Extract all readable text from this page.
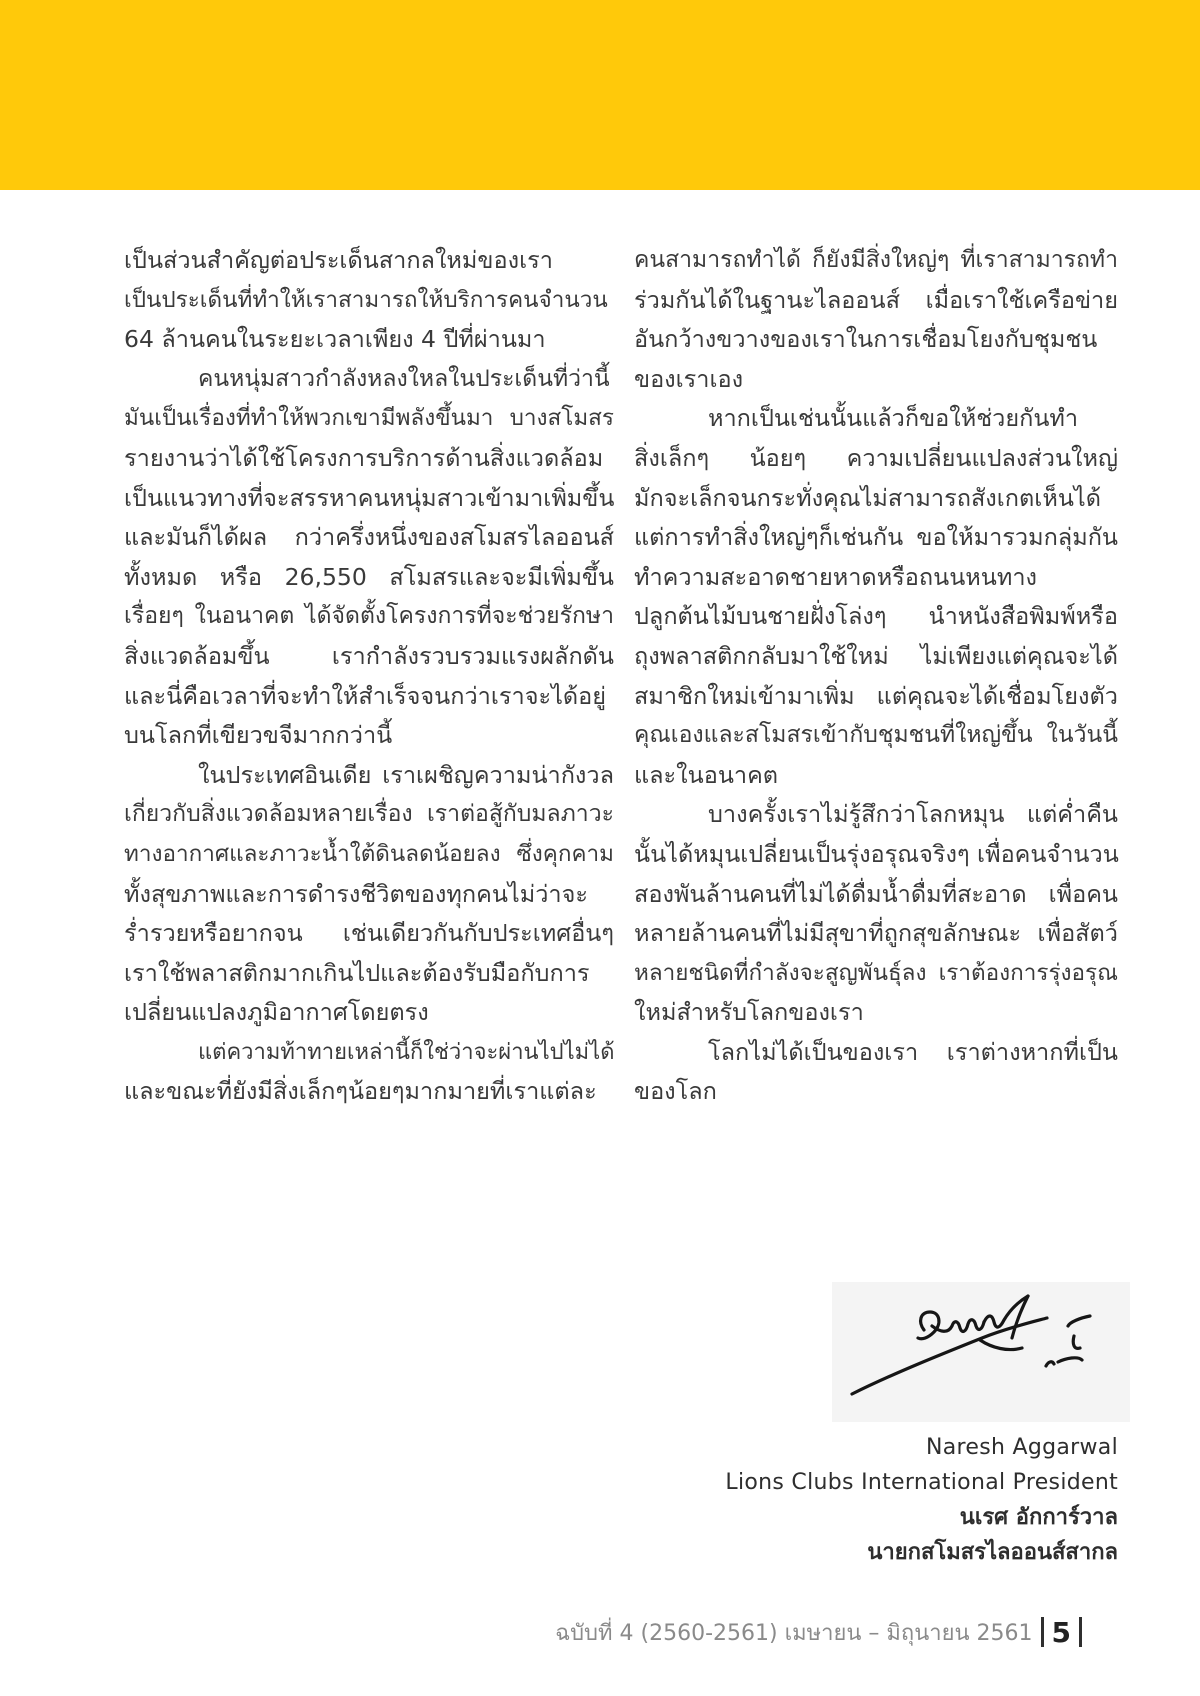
เป็นส่วนสำคัญต่อประเด็นสากลใหม่ของเรา
เป็นประเด็นที่ทำให้เราสามารถให้บริการคนจำนวน
64 ล้านคนในระยะเวลาเพียง 4 ปีที่ผ่านมา
คนหนุ่มสาวกำลังหลงใหลในประเด็นที่ว่านี้
มันเป็นเรื่องที่ทำให้พวกเขามีพลังขึ้นมา บางสโมสร
รายงานว่าได้ใช้โครงการบริการด้านสิ่งแวดล้อม
เป็นแนวทางที่จะสรรหาคนหนุ่มสาวเข้ามาเพิ่มขึ้น
และมันก็ได้ผล กว่าครึ่งหนึ่งของสโมสรไลออนส์
ทั้งหมด หรือ 26,550 สโมสรและจะมีเพิ่มขึ้น
เรื่อยๆ ในอนาคต ได้จัดตั้งโครงการที่จะช่วยรักษา
สิ่งแวดล้อมขึ้น เรากำลังรวบรวมแรงผลักดัน
และนี่คือเวลาที่จะทำให้สำเร็จจนกว่าเราจะได้อยู่
บนโลกที่เขียวขจีมากกว่านี้
ในประเทศอินเดีย เราเผชิญความน่ากังวล
เกี่ยวกับสิ่งแวดล้อมหลายเรื่อง เราต่อสู้กับมลภาวะ
ทางอากาศและภาวะน้ำใต้ดินลดน้อยลง ซึ่งคุกคาม
ทั้งสุขภาพและการดำรงชีวิตของทุกคนไม่ว่าจะ
ร่ำรวยหรือยากจน เช่นเดียวกันกับประเทศอื่นๆ
เราใช้พลาสติกมากเกินไปและต้องรับมือกับการ
เปลี่ยนแปลงภูมิอากาศโดยตรง
แต่ความท้าทายเหล่านี้ก็ใช่ว่าจะผ่านไปไม่ได้
และขณะที่ยังมีสิ่งเล็กๆน้อยๆมากมายที่เราแต่ละ
คนสามารถทำได้ ก็ยังมีสิ่งใหญ่ๆ ที่เราสามารถทำ
ร่วมกันได้ในฐานะไลออนส์ เมื่อเราใช้เครือข่าย
อันกว้างขวางของเราในการเชื่อมโยงกับชุมชน
ของเราเอง
หากเป็นเช่นนั้นแล้วก็ขอให้ช่วยกันทำ
สิ่งเล็กๆ น้อยๆ ความเปลี่ยนแปลงส่วนใหญ่
มักจะเล็กจนกระทั่งคุณไม่สามารถสังเกตเห็นได้
แต่การทำสิ่งใหญ่ๆก็เช่นกัน ขอให้มารวมกลุ่มกัน
ทำความสะอาดชายหาดหรือถนนหนทาง
ปลูกต้นไม้บนชายฝั่งโล่งๆ นำหนังสือพิมพ์หรือ
ถุงพลาสติกกลับมาใช้ใหม่ ไม่เพียงแต่คุณจะได้
สมาชิกใหม่เข้ามาเพิ่ม แต่คุณจะได้เชื่อมโยงตัว
คุณเองและสโมสรเข้ากับชุมชนที่ใหญ่ขึ้น ในวันนี้
และในอนาคต
บางครั้งเราไม่รู้สึกว่าโลกหมุน แต่ค่ำคืน
นั้นได้หมุนเปลี่ยนเป็นรุ่งอรุณจริงๆ เพื่อคนจำนวน
สองพันล้านคนที่ไม่ได้ดื่มน้ำดื่มที่สะอาด เพื่อคน
หลายล้านคนที่ไม่มีสุขาที่ถูกสุขลักษณะ เพื่อสัตว์
หลายชนิดที่กำลังจะสูญพันธุ์ลง เราต้องการรุ่งอรุณ
ใหม่สำหรับโลกของเรา
โลกไม่ได้เป็นของเรา เราต่างหากที่เป็น
ของโลก
Naresh Aggarwal
Lions Clubs International President
นเรศ อักการ์วาล
นายกสโมสรไลออนส์สากล
ฉบับที่ 4 (2560-2561) เมษายน – มิถุนายน 2561 5
